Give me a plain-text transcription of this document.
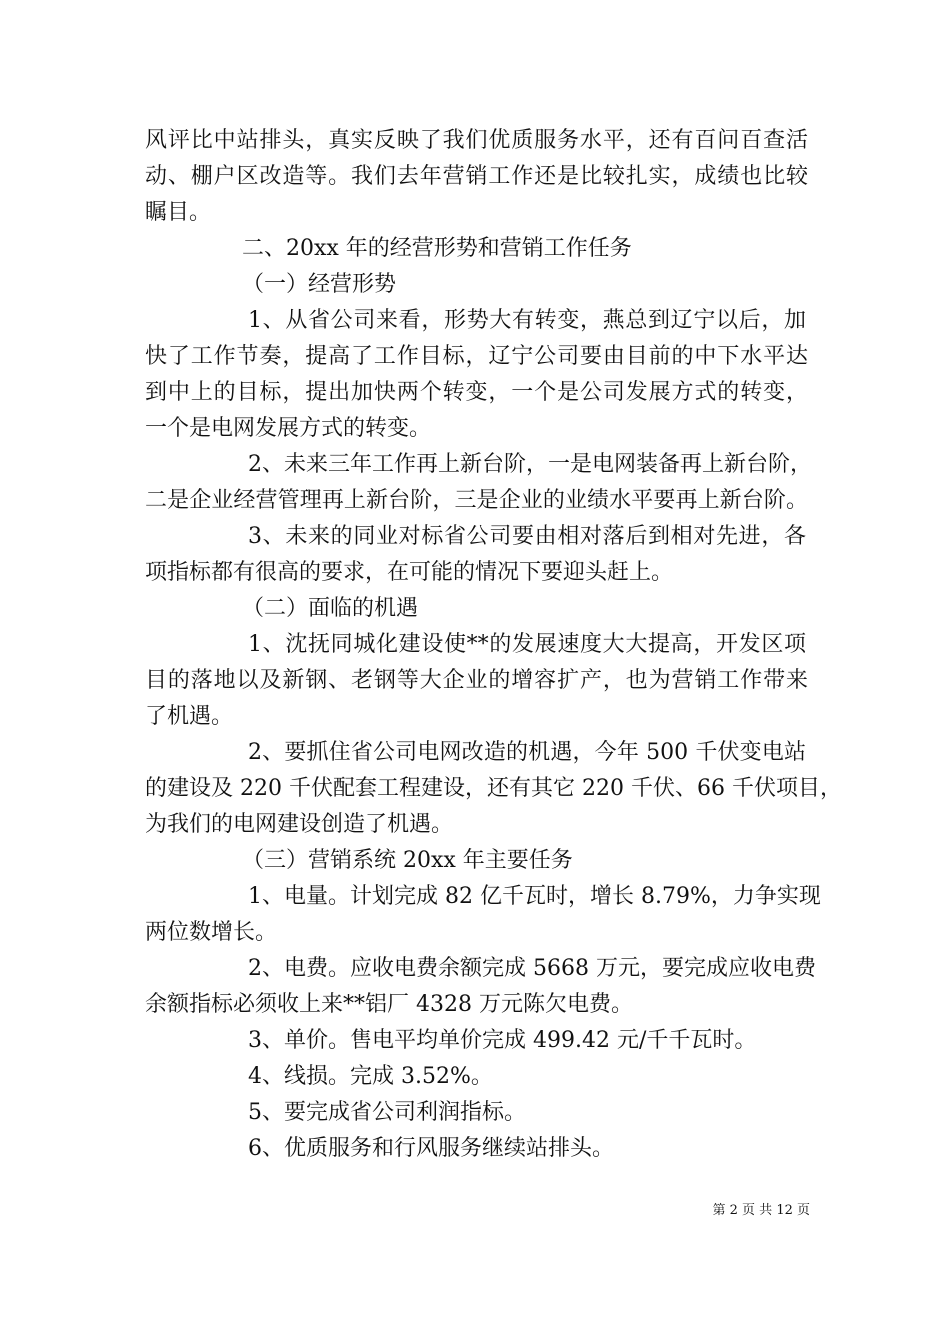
风评比中站排头，真实反映了我们优质服务水平，还有百问百查活

动、棚户区改造等。我们去年营销工作还是比较扎实，成绩也比较

瞩目。

二、20xx 年的经营形势和营销工作任务

（一）经营形势

1、从省公司来看，形势大有转变，燕总到辽宁以后，加

快了工作节奏，提高了工作目标，辽宁公司要由目前的中下水平达

到中上的目标，提出加快两个转变，一个是公司发展方式的转变，

一个是电网发展方式的转变。

2、未来三年工作再上新台阶，一是电网装备再上新台阶，

二是企业经营管理再上新台阶，三是企业的业绩水平要再上新台阶。

3、未来的同业对标省公司要由相对落后到相对先进，各

项指标都有很高的要求，在可能的情况下要迎头赶上。

（二）面临的机遇

1、沈抚同城化建设使**的发展速度大大提高，开发区项

目的落地以及新钢、老钢等大企业的增容扩产，也为营销工作带来

了机遇。

2、要抓住省公司电网改造的机遇，今年 500 千伏变电站

的建设及 220 千伏配套工程建设，还有其它 220 千伏、66 千伏项目，

为我们的电网建设创造了机遇。

（三）营销系统 20xx 年主要任务

1、电量。计划完成 82 亿千瓦时，增长 8.79%，力争实现

两位数增长。

2、电费。应收电费余额完成 5668 万元，要完成应收电费

余额指标必须收上来**铝厂 4328 万元陈欠电费。

3、单价。售电平均单价完成 499.42 元/千千瓦时。

4、线损。完成 3.52%。

5、要完成省公司利润指标。

6、优质服务和行风服务继续站排头。

第 2 页 共 12 页
